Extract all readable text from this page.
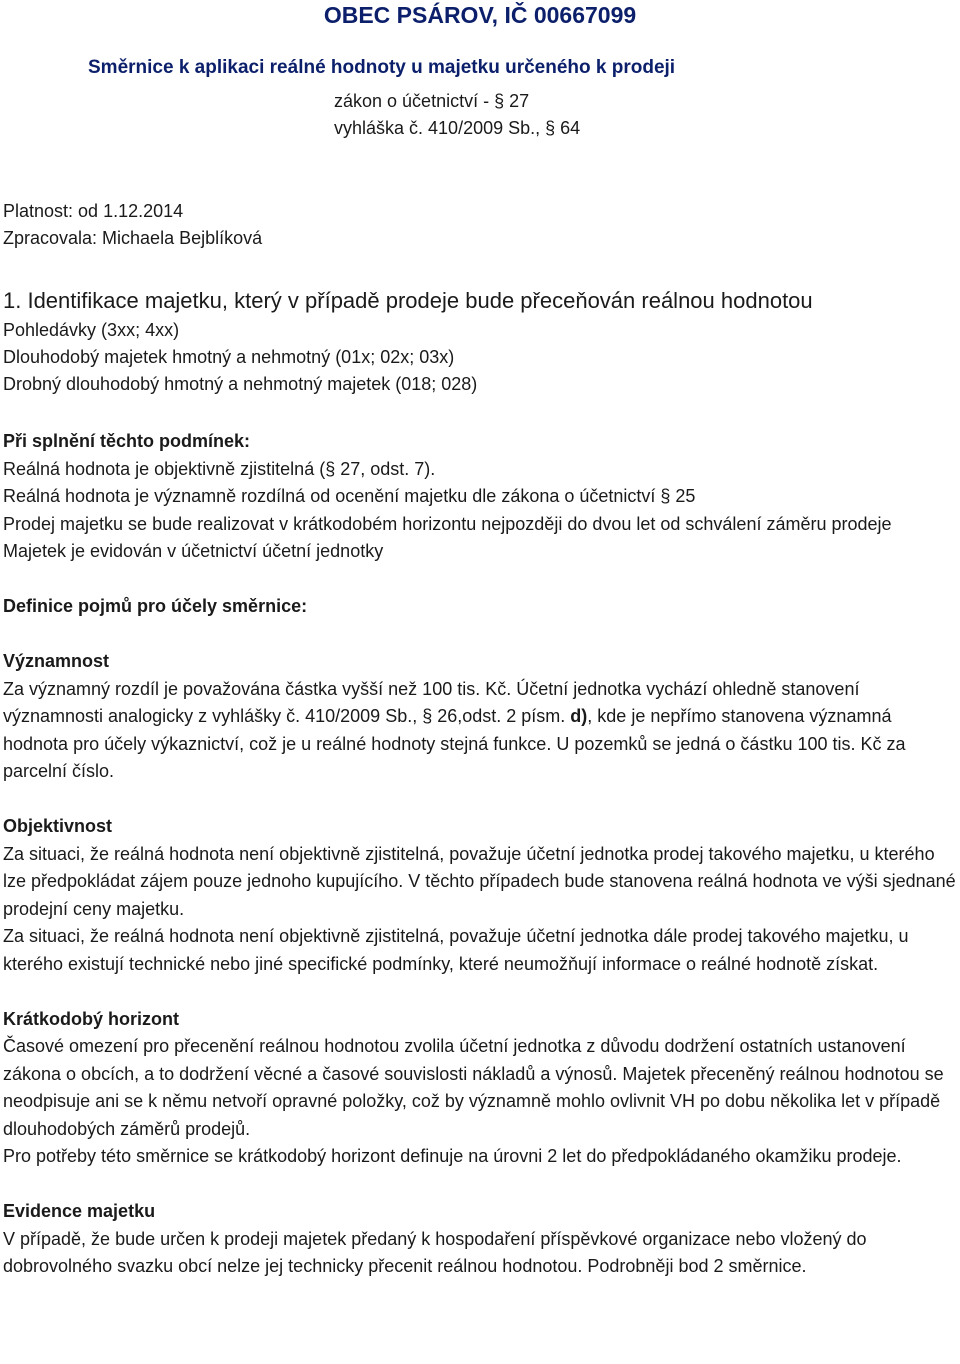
OBEC PSÁROV, IČ 00667099
Směrnice k aplikaci reálné hodnoty u majetku určeného k prodeji
zákon o účetnictví - § 27
vyhláška č. 410/2009 Sb., § 64
Platnost: od 1.12.2014
Zpracovala: Michaela Bejblíková
1. Identifikace majetku, který v případě prodeje bude přeceňován reálnou hodnotou
Pohledávky (3xx; 4xx)
Dlouhodobý majetek hmotný a nehmotný (01x; 02x; 03x)
Drobný dlouhodobý hmotný a nehmotný majetek (018; 028)

Při splnění těchto podmínek:

Reálná hodnota je objektivně zjistitelná (§ 27, odst. 7).

Reálná hodnota je významně rozdílná od ocenění majetku dle zákona o účetnictví § 25

Prodej majetku se bude realizovat v krátkodobém horizontu nejpozději do dvou let od schválení záměru prodeje

Majetek je evidován v účetnictví účetní jednotky

Definice pojmů pro účely směrnice:

Významnost

Za významný rozdíl je považována částka vyšší než 100 tis. Kč. Účetní jednotka vychází ohledně stanovení významnosti analogicky z vyhlášky č. 410/2009 Sb., § 26,odst. 2 písm. d), kde je nepřímo stanovena významná hodnota pro účely výkaznictví, což je u reálné hodnoty stejná funkce. U pozemků se jedná o částku 100 tis. Kč za parcelní číslo.

Objektivnost

Za situaci, že reálná hodnota není objektivně zjistitelná, považuje účetní jednotka prodej takového majetku, u kterého lze předpokládat zájem pouze jednoho kupujícího. V těchto případech bude stanovena reálná hodnota ve výši sjednané prodejní ceny majetku.

Za situaci, že reálná hodnota není objektivně zjistitelná, považuje účetní jednotka dále prodej takového majetku, u kterého existují technické nebo jiné specifické podmínky, které neumožňují informace o reálné hodnotě získat.

Krátkodobý horizont

Časové omezení pro přecenění reálnou hodnotou zvolila účetní jednotka z důvodu dodržení ostatních ustanovení zákona o obcích, a to dodržení věcné a časové souvislosti nákladů a výnosů. Majetek přeceněný reálnou hodnotou se neodpisuje ani se k němu netvoří opravné položky, což by významně mohlo ovlivnit VH po dobu několika let v případě dlouhodobých záměrů prodejů.

Pro potřeby této směrnice se krátkodobý horizont definuje na úrovni 2 let do předpokládaného okamžiku prodeje.

Evidence majetku

V případě, že bude určen k prodeji majetek předaný k hospodaření příspěvkové organizace nebo vložený do dobrovolného svazku obcí nelze jej technicky přecenit reálnou hodnotou. Podrobněji bod 2 směrnice.
